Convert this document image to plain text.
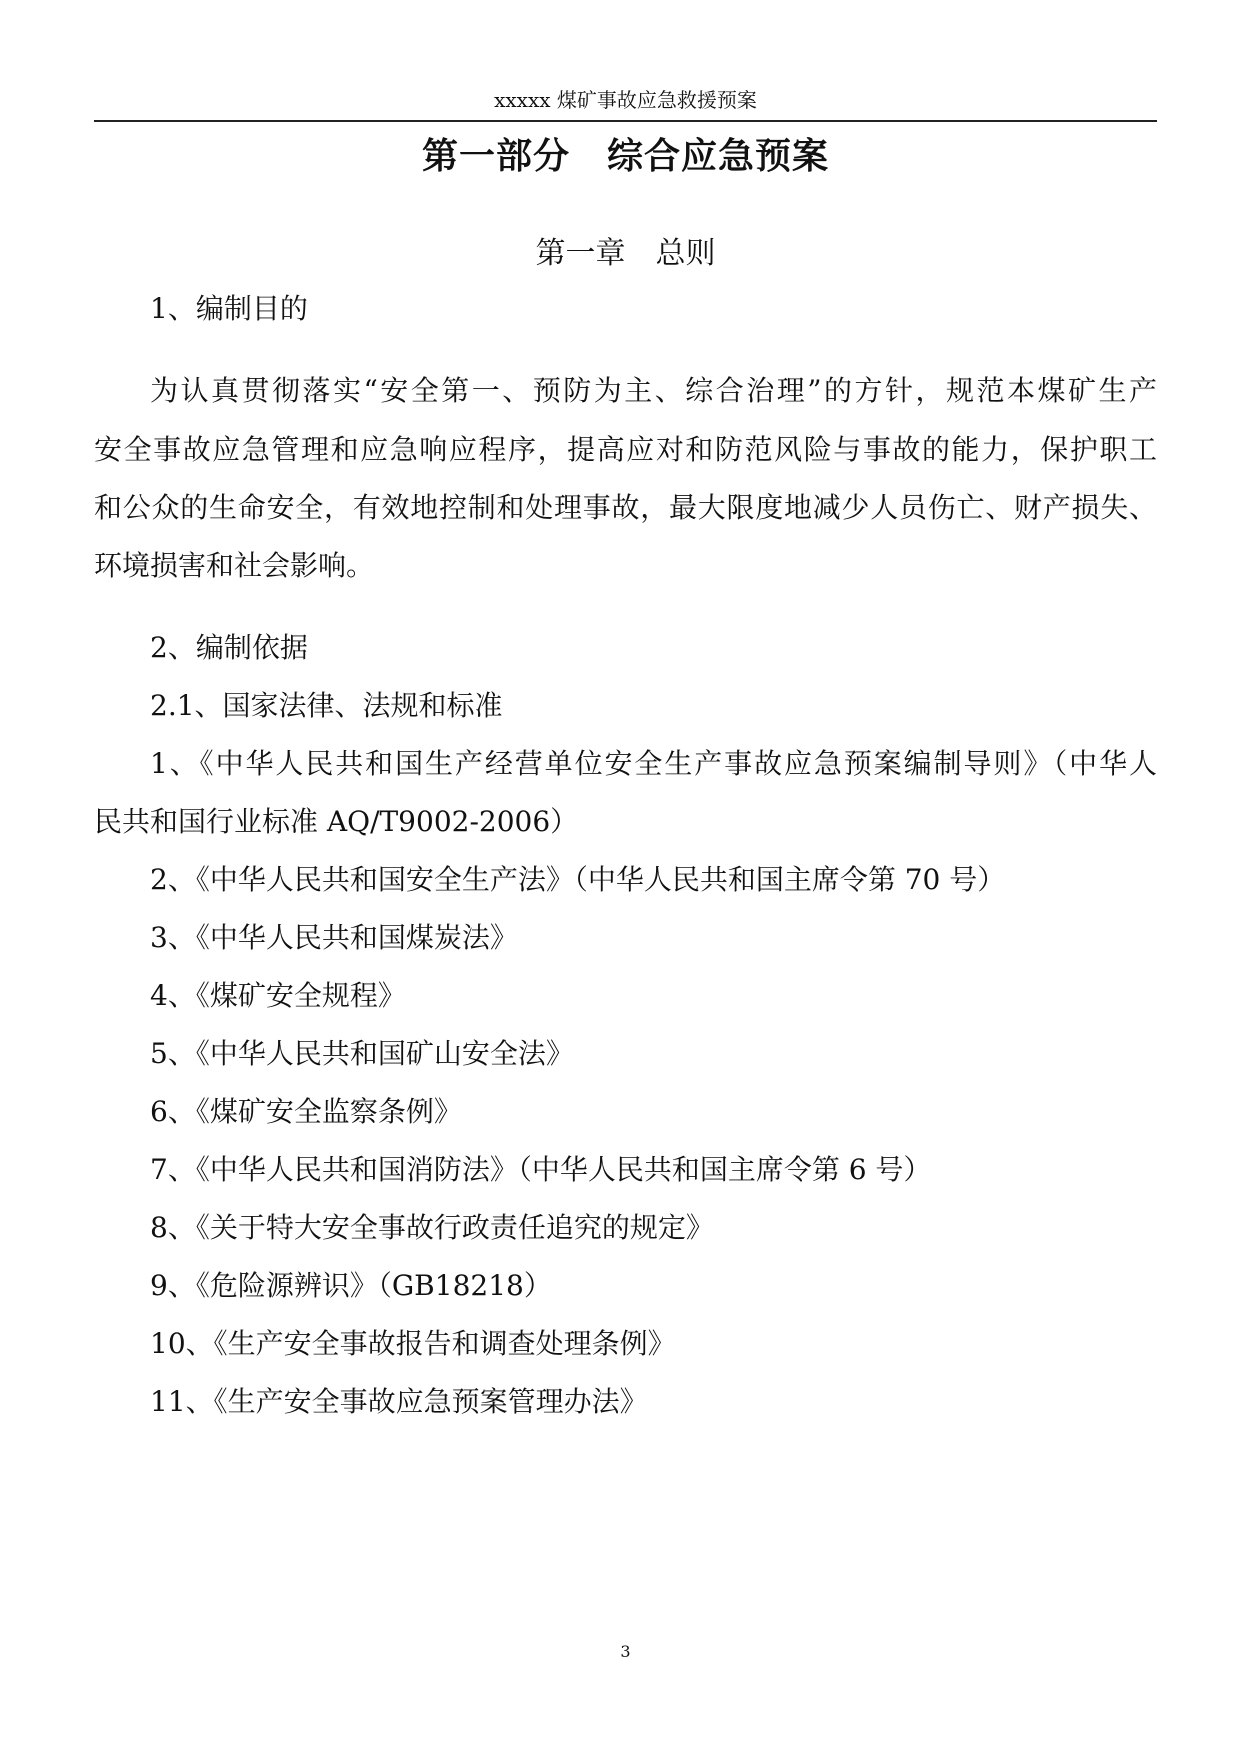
xxxxx 煤矿事故应急救援预案
第一部分　综合应急预案
第一章　总则
1、编制目的
为认真贯彻落实“安全第一、预防为主、综合治理”的方针，规范本煤矿生产
安全事故应急管理和应急响应程序，提高应对和防范风险与事故的能力，保护职工
和公众的生命安全，有效地控制和处理事故，最大限度地减少人员伤亡、财产损失、
环境损害和社会影响。
2、编制依据
2.1、国家法律、法规和标准
1、《中华人民共和国生产经营单位安全生产事故应急预案编制导则》（中华人
民共和国行业标准 AQ/T9002-2006）
2、《中华人民共和国安全生产法》（中华人民共和国主席令第 70 号）
3、《中华人民共和国煤炭法》
4、《煤矿安全规程》
5、《中华人民共和国矿山安全法》
6、《煤矿安全监察条例》
7、《中华人民共和国消防法》（中华人民共和国主席令第 6 号）
8、《关于特大安全事故行政责任追究的规定》
9、《危险源辨识》（GB18218）
10、《生产安全事故报告和调查处理条例》
11、《生产安全事故应急预案管理办法》
3
